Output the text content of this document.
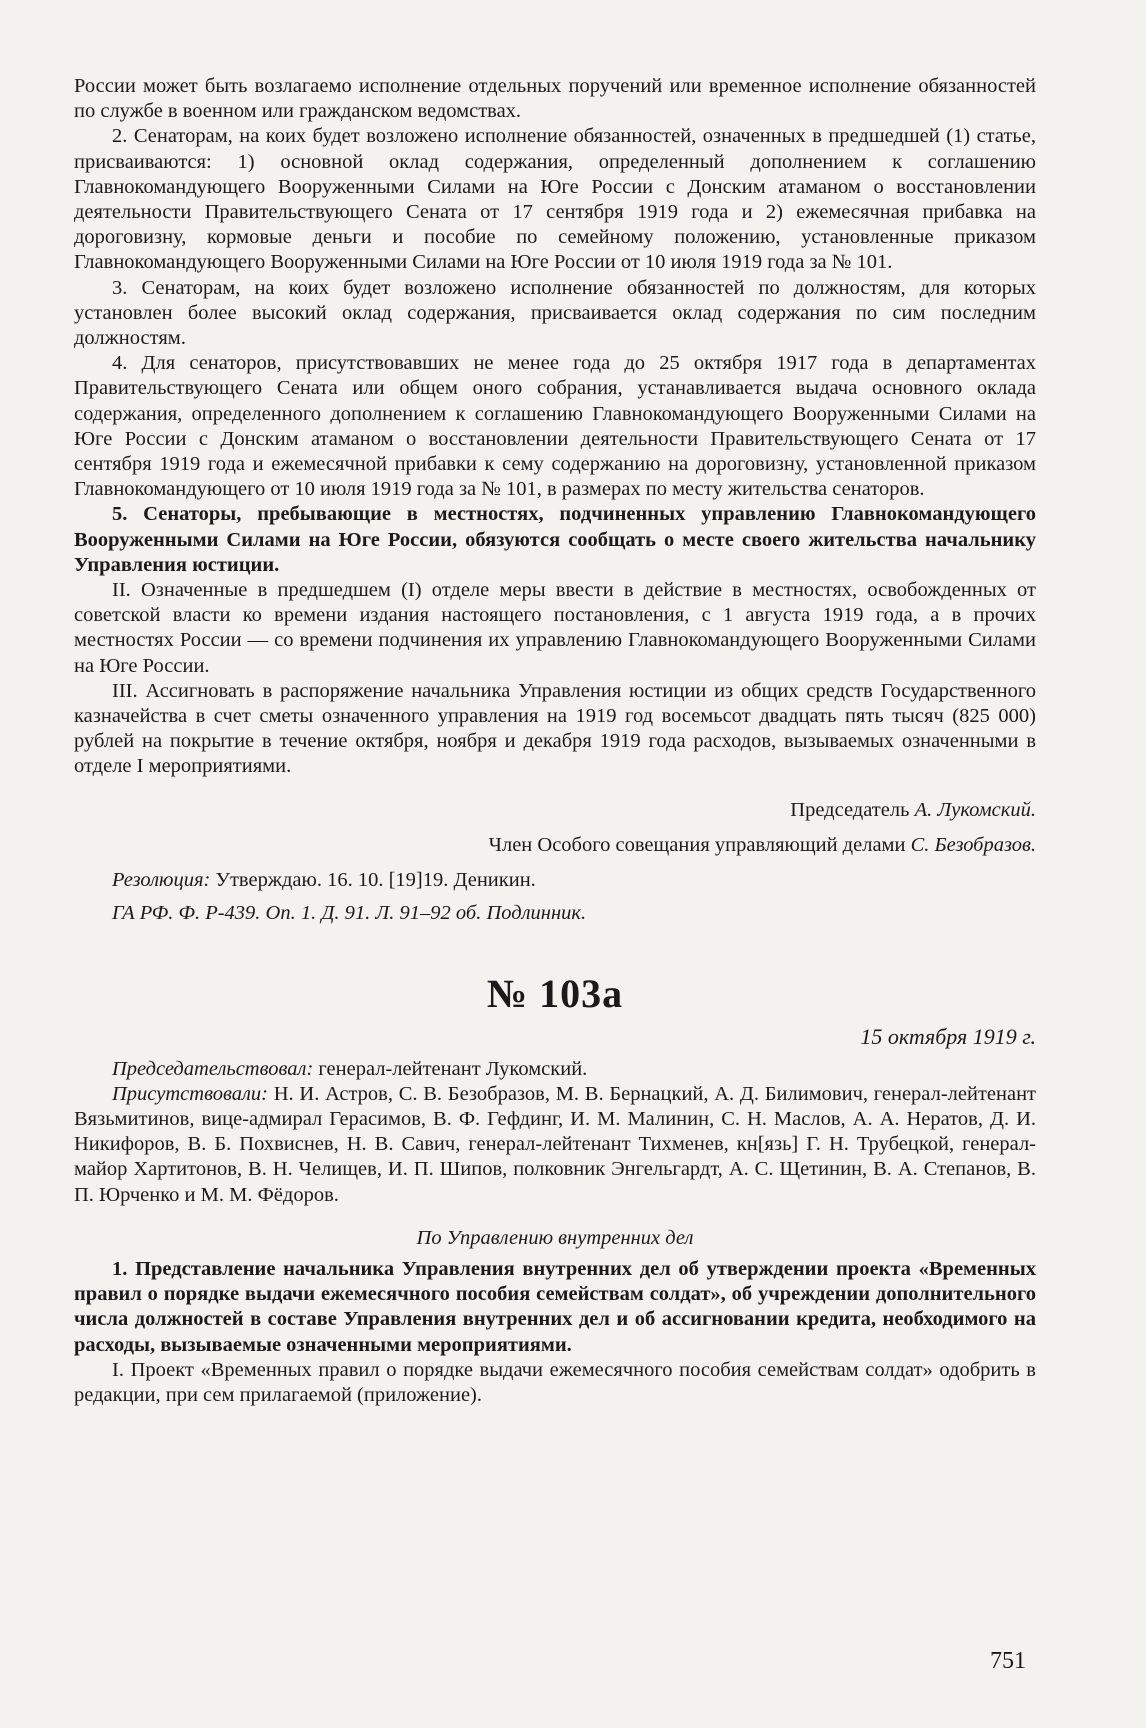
России может быть возлагаемо исполнение отдельных поручений или временное исполнение обязанностей по службе в военном или гражданском ведомствах.

2. Сенаторам, на коих будет возложено исполнение обязанностей, означенных в предшедшей (1) статье, присваиваются: 1) основной оклад содержания, определенный дополнением к соглашению Главнокомандующего Вооруженными Силами на Юге России с Донским атаманом о восстановлении деятельности Правительствующего Сената от 17 сентября 1919 года и 2) ежемесячная прибавка на дороговизну, кормовые деньги и пособие по семейному положению, установленные приказом Главнокомандующего Вооруженными Силами на Юге России от 10 июля 1919 года за № 101.

3. Сенаторам, на коих будет возложено исполнение обязанностей по должностям, для которых установлен более высокий оклад содержания, присваивается оклад содержания по сим последним должностям.

4. Для сенаторов, присутствовавших не менее года до 25 октября 1917 года в департаментах Правительствующего Сената или общем оного собрания, устанавливается выдача основного оклада содержания, определенного дополнением к соглашению Главнокомандующего Вооруженными Силами на Юге России с Донским атаманом о восстановлении деятельности Правительствующего Сената от 17 сентября 1919 года и ежемесячной прибавки к сему содержанию на дороговизну, установленной приказом Главнокомандующего от 10 июля 1919 года за № 101, в размерах по месту жительства сенаторов.

5. Сенаторы, пребывающие в местностях, подчиненных управлению Главнокомандующего Вооруженными Силами на Юге России, обязуются сообщать о месте своего жительства начальнику Управления юстиции.

II. Означенные в предшедшем (I) отделе меры ввести в действие в местностях, освобожденных от советской власти ко времени издания настоящего постановления, с 1 августа 1919 года, а в прочих местностях России — со времени подчинения их управлению Главнокомандующего Вооруженными Силами на Юге России.

III. Ассигновать в распоряжение начальника Управления юстиции из общих средств Государственного казначейства в счет сметы означенного управления на 1919 год восемьсот двадцать пять тысяч (825 000) рублей на покрытие в течение октября, ноября и декабря 1919 года расходов, вызываемых означенными в отделе I мероприятиями.

Председатель А. Лукомский.

Член Особого совещания управляющий делами С. Безобразов.

Резолюция: Утверждаю. 16. 10. [19]19. Деникин.

ГА РФ. Ф. Р-439. Оп. 1. Д. 91. Л. 91–92 об. Подлинник.

№ 103а

15 октября 1919 г.

Председательствовал: генерал-лейтенант Лукомский.

Присутствовали: Н. И. Астров, С. В. Безобразов, М. В. Бернацкий, А. Д. Билимович, генерал-лейтенант Вязьмитинов, вице-адмирал Герасимов, В. Ф. Гефдинг, И. М. Малинин, С. Н. Маслов, А. А. Нератов, Д. И. Никифоров, В. Б. Похвиснев, Н. В. Савич, генерал-лейтенант Тихменев, кн[язь] Г. Н. Трубецкой, генерал-майор Хартитонов, В. Н. Челищев, И. П. Шипов, полковник Энгельгардт, А. С. Щетинин, В. А. Степанов, В. П. Юрченко и М. М. Фёдоров.

По Управлению внутренних дел

1. Представление начальника Управления внутренних дел об утверждении проекта «Временных правил о порядке выдачи ежемесячного пособия семействам солдат», об учреждении дополнительного числа должностей в составе Управления внутренних дел и об ассигновании кредита, необходимого на расходы, вызываемые означенными мероприятиями.

I. Проект «Временных правил о порядке выдачи ежемесячного пособия семействам солдат» одобрить в редакции, при сем прилагаемой (приложение).

751
